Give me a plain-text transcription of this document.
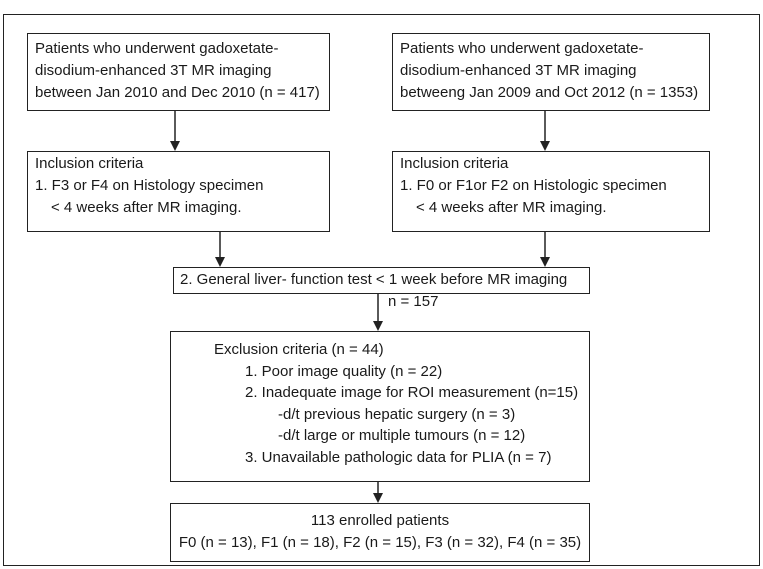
Patients who underwent gadoxetate-
disodium-enhanced 3T MR imaging
between Jan 2010 and Dec 2010 (n = 417)
Patients who underwent gadoxetate-
disodium-enhanced 3T MR imaging
betweeng Jan 2009 and Oct 2012 (n = 1353)
Inclusion criteria
1. F3 or F4 on Histology specimen
< 4 weeks after MR imaging.
Inclusion criteria
1. F0 or F1or F2 on Histologic specimen
< 4 weeks after MR imaging.
2. General liver- function test < 1 week before MR imaging
n = 157
Exclusion criteria (n = 44)
1. Poor image quality (n = 22)
2. Inadequate image for ROI measurement (n=15)
-d/t previous hepatic surgery (n = 3)
-d/t large or multiple tumours (n = 12)
3. Unavailable pathologic data for PLIA (n = 7)
113 enrolled patients
F0 (n = 13), F1 (n = 18), F2 (n = 15), F3 (n = 32), F4 (n = 35)
